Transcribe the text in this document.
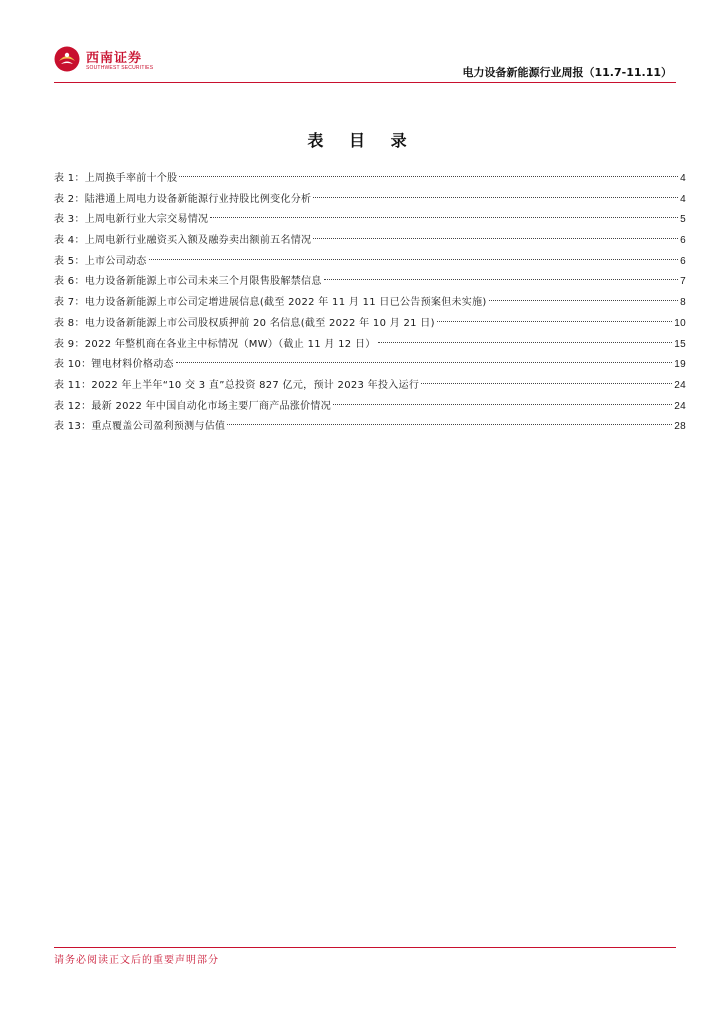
西南证券
SOUTHWEST SECURITIES	电力设备新能源行业周报（11.7-11.11）
表 目 录
表 1：上周换手率前十个股	4
表 2：陆港通上周电力设备新能源行业持股比例变化分析	4
表 3：上周电新行业大宗交易情况	5
表 4：上周电新行业融资买入额及融券卖出额前五名情况	6
表 5：上市公司动态	6
表 6：电力设备新能源上市公司未来三个月限售股解禁信息	7
表 7：电力设备新能源上市公司定增进展信息(截至 2022 年 11 月 11 日已公告预案但未实施)	8
表 8：电力设备新能源上市公司股权质押前 20 名信息(截至 2022 年 10 月 21 日)	10
表 9：2022 年整机商在各业主中标情况（MW）（截止 11 月 12 日）	15
表 10：锂电材料价格动态	19
表 11：2022 年上半年“10 交 3 直”总投资 827 亿元，预计 2023 年投入运行	24
表 12：最新 2022 年中国自动化市场主要厂商产品涨价情况	24
表 13：重点覆盖公司盈利预测与估值	28
请务必阅读正文后的重要声明部分
